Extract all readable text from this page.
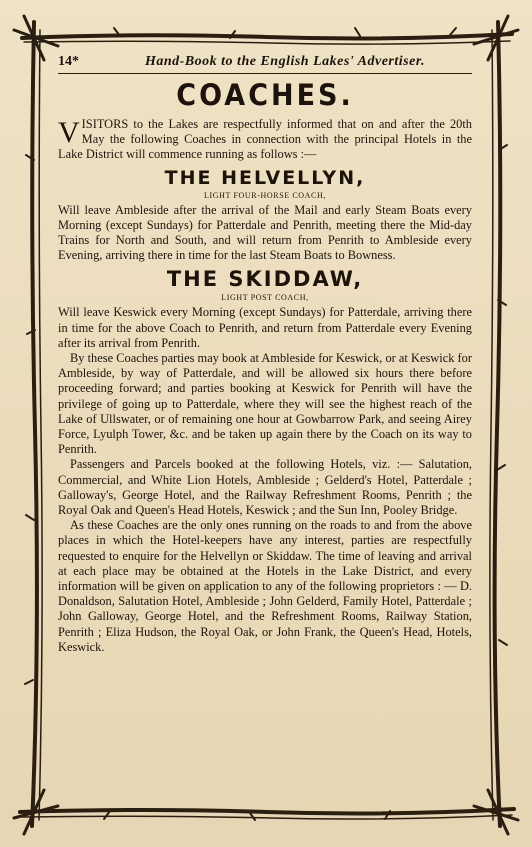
14*	Hand-Book to the English Lakes' Advertiser.
COACHES.

VISITORS to the Lakes are respectfully informed that on and after the 20th May the following Coaches in connection with the principal Hotels in the Lake District will commence running as follows :—

THE HELVELLYN,
LIGHT FOUR-HORSE COACH,

Will leave Ambleside after the arrival of the Mail and early Steam Boats every Morning (except Sundays) for Patterdale and Penrith, meeting there the Mid-day Trains for North and South, and will return from Penrith to Ambleside every Evening, arriving there in time for the last Steam Boats to Bowness.

THE SKIDDAW,
LIGHT POST COACH,

Will leave Keswick every Morning (except Sundays) for Patterdale, arriving there in time for the above Coach to Penrith, and return from Patterdale every Evening after its arrival from Penrith.

By these Coaches parties may book at Ambleside for Keswick, or at Keswick for Ambleside, by way of Patterdale, and will be allowed six hours there before proceeding forward; and parties booking at Keswick for Penrith will have the privilege of going up to Patterdale, where they will see the highest reach of the Lake of Ullswater, or of remaining one hour at Gowbarrow Park, and seeing Airey Force, Lyulph Tower, &c. and be taken up again there by the Coach on its way to Penrith.

Passengers and Parcels booked at the following Hotels, viz. :— Salutation, Commercial, and White Lion Hotels, Ambleside ; Gelderd's Hotel, Patterdale ; Galloway's, George Hotel, and the Railway Refreshment Rooms, Penrith ; the Royal Oak and Queen's Head Hotels, Keswick ; and the Sun Inn, Pooley Bridge.

As these Coaches are the only ones running on the roads to and from the above places in which the Hotel-keepers have any interest, parties are respectfully requested to enquire for the Helvellyn or Skiddaw. The time of leaving and arrival at each place may be obtained at the Hotels in the Lake District, and every information will be given on application to any of the following proprietors : — D. Donaldson, Salutation Hotel, Ambleside ; John Gelderd, Family Hotel, Patterdale ; John Galloway, George Hotel, and the Refreshment Rooms, Railway Station, Penrith ; Eliza Hudson, the Royal Oak, or John Frank, the Queen's Head, Hotels, Keswick.
